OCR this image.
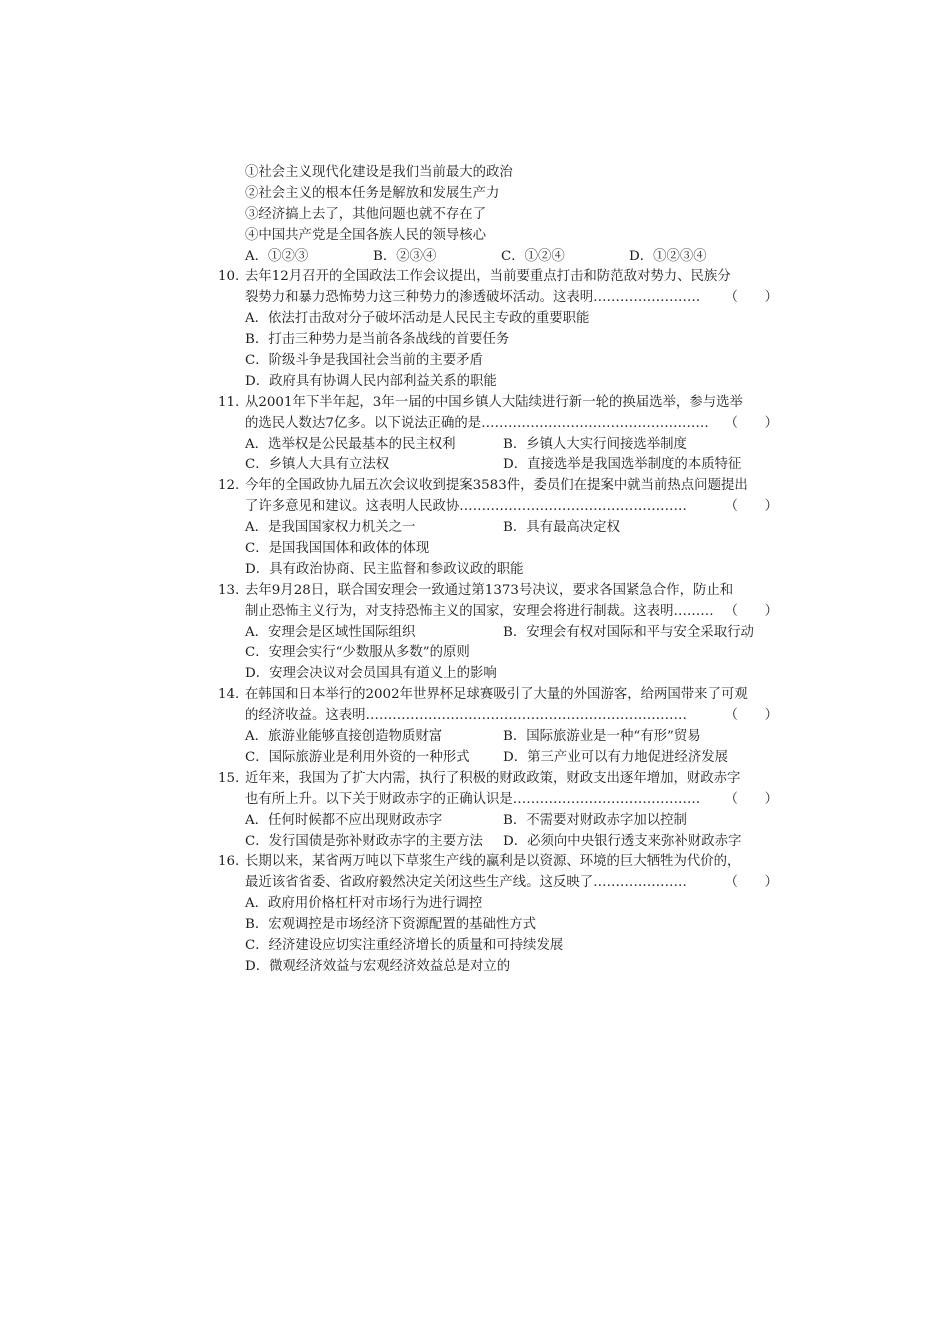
①社会主义现代化建设是我们当前最大的政治
②社会主义的根本任务是解放和发展生产力
③经济搞上去了，其他问题也就不存在了
④中国共产党是全国各族人民的领导核心
A．①②③	B．②③④	C．①②④	D．①②③④
10. 去年12月召开的全国政法工作会议提出，当前要重点打击和防范敌对势力、民族分
裂势力和暴力恐怖势力这三种势力的渗透破坏活动。这表明…………………… （　　）
A．依法打击敌对分子破坏活动是人民民主专政的重要职能
B．打击三种势力是当前各条战线的首要任务
C．阶级斗争是我国社会当前的主要矛盾
D．政府具有协调人民内部利益关系的职能
11. 从2001年下半年起，3年一届的中国乡镇人大陆续进行新一轮的换届选举，参与选举
的选民人数达7亿多。以下说法正确的是…………………………………………… （　　）
A．选举权是公民最基本的民主权利	B．乡镇人大实行间接选举制度
C．乡镇人大具有立法权	D．直接选举是我国选举制度的本质特征
12. 今年的全国政协九届五次会议收到提案3583件，委员们在提案中就当前热点问题提出
了许多意见和建议。这表明人民政协……………………………………………	（　　）
A．是我国国家权力机关之一	B．具有最高决定权
C．是国我国国体和政体的体现
D．具有政治协商、民主监督和参政议政的职能
13. 去年9月28日，联合国安理会一致通过第1373号决议，要求各国紧急合作，防止和
制止恐怖主义行为，对支持恐怖主义的国家，安理会将进行制裁。这表明……… （　　）
A．安理会是区域性国际组织	B．安理会有权对国际和平与安全采取行动
C．安理会实行“少数服从多数”的原则
D．安理会决议对会员国具有道义上的影响
14. 在韩国和日本举行的2002年世界杯足球赛吸引了大量的外国游客，给两国带来了可观
的经济收益。这表明………………………………………………………………	（　　）
A．旅游业能够直接创造物质财富	B．国际旅游业是一种“有形”贸易
C．国际旅游业是利用外资的一种形式	D．第三产业可以有力地促进经济发展
15. 近年来，我国为了扩大内需，执行了积极的财政政策，财政支出逐年增加，财政赤字
也有所上升。以下关于财政赤字的正确认识是…………………………………… （　　）
A．任何时候都不应出现财政赤字	B．不需要对财政赤字加以控制
C．发行国债是弥补财政赤字的主要方法	D．必须向中央银行透支来弥补财政赤字
16. 长期以来，某省两万吨以下草浆生产线的赢利是以资源、环境的巨大牺牲为代价的，
最近该省省委、省政府毅然决定关闭这些生产线。这反映了…………………	（　　）
A．政府用价格杠杆对市场行为进行调控
B．宏观调控是市场经济下资源配置的基础性方式
C．经济建设应切实注重经济增长的质量和可持续发展
D．微观经济效益与宏观经济效益总是对立的
